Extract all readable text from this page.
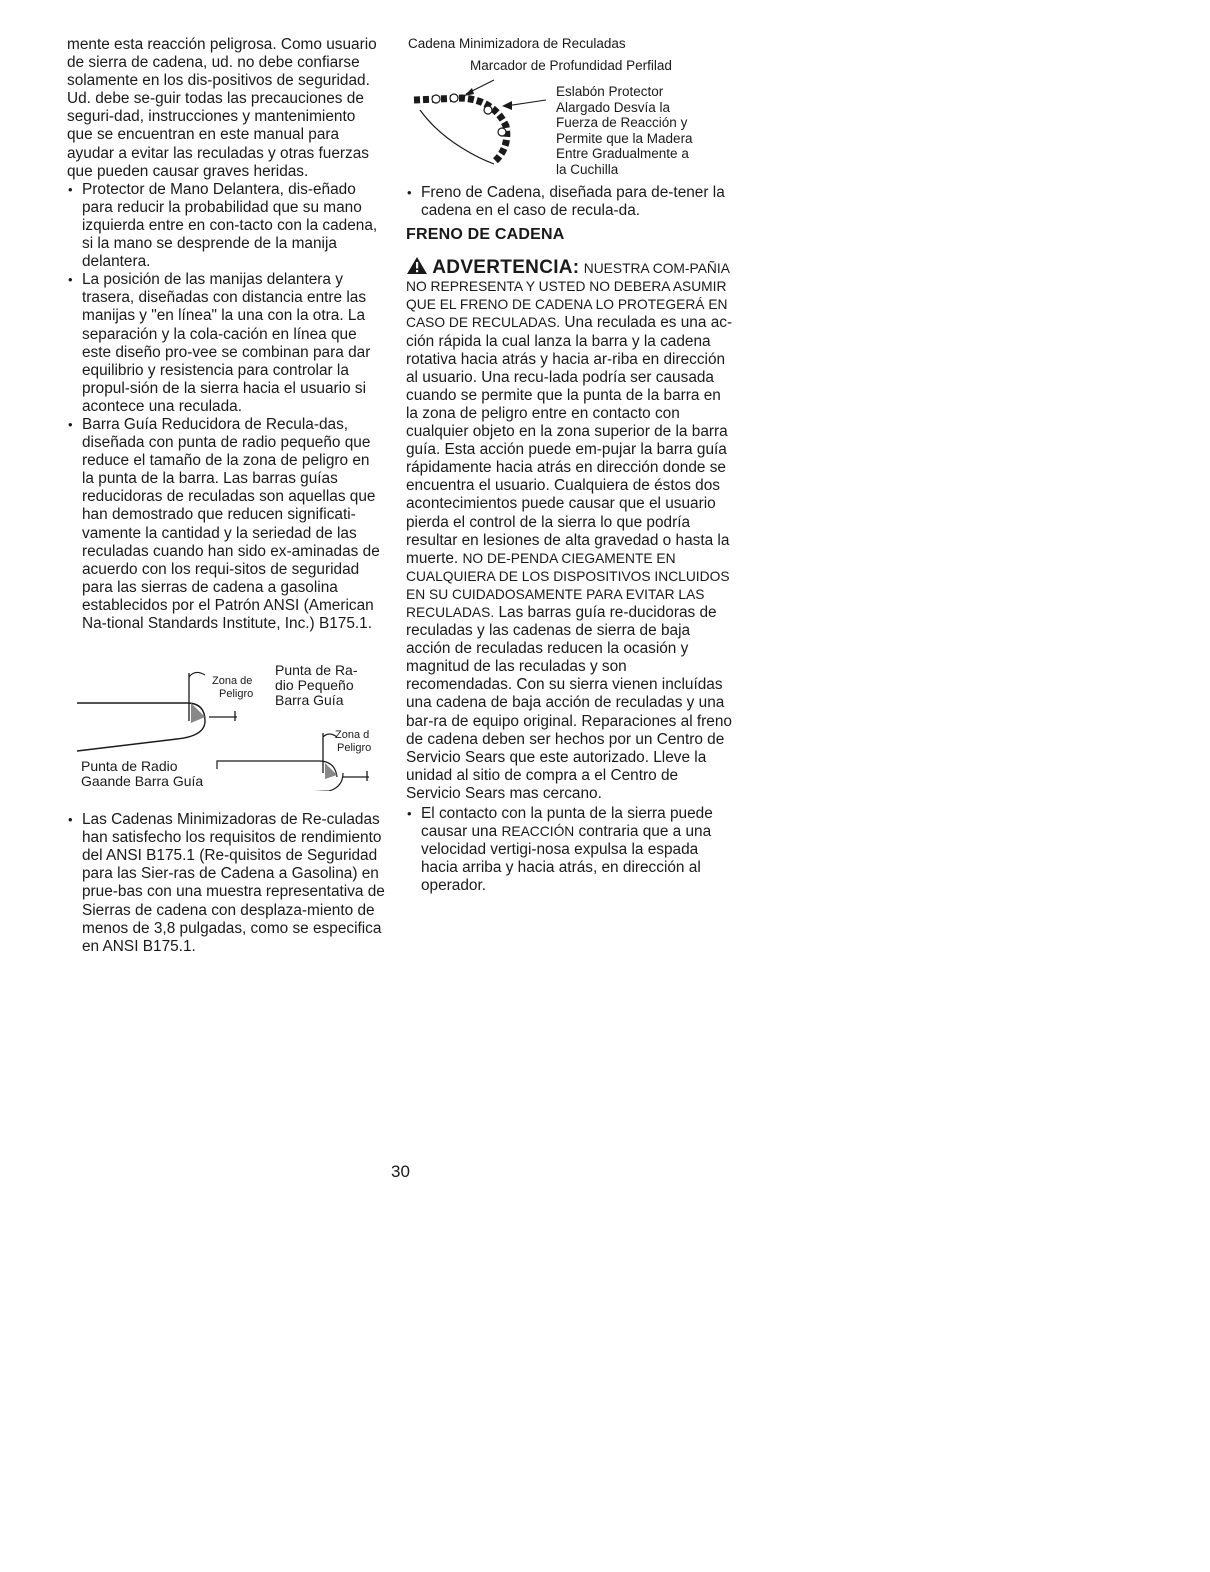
mente esta reacción peligrosa. Como usuario de sierra de cadena, ud. no debe confiarse solamente en los dis-positivos de seguridad. Ud. debe se-guir todas las precauciones de seguri-dad, instrucciones y mantenimiento que se encuentran en este manual para ayudar a evitar las reculadas y otras fuerzas que pueden causar graves heridas.

• Protector de Mano Delantera, dis-eñado para reducir la probabilidad que su mano izquierda entre en con-tacto con la cadena, si la mano se desprende de la manija delantera.
• La posición de las manijas delantera y trasera, diseñadas con distancia entre las manijas y "en línea" la una con la otra. La separación y la cola-cación en línea que este diseño pro-vee se combinan para dar equilibrio y resistencia para controlar la propul-sión de la sierra hacia el usuario si acontece una reculada.
• Barra Guía Reducidora de Recula-das, diseñada con punta de radio pequeño que reduce el tamaño de la zona de peligro en la punta de la barra. Las barras guías reducidoras de reculadas son aquellas que han demostrado que reducen significati-vamente la cantidad y la seriedad de las reculadas cuando han sido ex-aminadas de acuerdo con los requi-sitos de seguridad para las sierras de cadena a gasolina establecidos por el Patrón ANSI (American Na-tional Standards Institute, Inc.) B175.1.
Zona de
Peligro
Punta de Ra-
dio Pequeño
Barra Guía
Zona d
Peligro
Punta de Radio
Gaande Barra Guía
• Las Cadenas Minimizadoras de Re-culadas han satisfecho los requisitos de rendimiento del ANSI B175.1 (Re-quisitos de Seguridad para las Sier-ras de Cadena a Gasolina) en prue-bas con una muestra representativa de Sierras de cadena con desplaza-miento de menos de 3,8 pulgadas, como se especifica en ANSI B175.1.
Cadena Minimizadora de Reculadas
Marcador de Profundidad Perfilad
Eslabón Protector
Alargado Desvía la
Fuerza de Reacción y
Permite que la Madera
Entre Gradualmente a
la Cuchilla
• Freno de Cadena, diseñada para de-tener la cadena en el caso de recula-da.
FRENO DE CADENA

ADVERTENCIA: NUESTRA COM-PAÑIA NO REPRESENTA Y USTED NO DEBERA ASUMIR QUE EL FRENO DE CADENA LO PROTEGERÁ EN CASO DE RECULADAS. Una reculada es una ac-ción rápida la cual lanza la barra y la cadena rotativa hacia atrás y hacia ar-riba en dirección al usuario. Una recu-lada podría ser causada cuando se permite que la punta de la barra en la zona de peligro entre en contacto con cualquier objeto en la zona superior de la barra guía. Esta acción puede em-pujar la barra guía rápidamente hacia atrás en dirección donde se encuentra el usuario. Cualquiera de éstos dos acontecimientos puede causar que el usuario pierda el control de la sierra lo que podría resultar en lesiones de alta gravedad o hasta la muerte. NO DE-PENDA CIEGAMENTE EN CUALQUIERA DE LOS DISPOSITIVOS INCLUIDOS EN SU CUIDADOSAMENTE PARA EVITAR LAS RECULADAS. Las barras guía re-ducidoras de reculadas y las cadenas de sierra de baja acción de reculadas reducen la ocasión y magnitud de las reculadas y son recomendadas. Con su sierra vienen incluídas una cadena de baja acción de reculadas y una bar-ra de equipo original. Reparaciones al freno de cadena deben ser hechos por un Centro de Servicio Sears que este autorizado. Lleve la unidad al sitio de compra a el Centro de Servicio Sears mas cercano.

• El contacto con la punta de la sierra puede causar una REACCIÓN contraria que a una velocidad vertigi-nosa expulsa la espada hacia arriba y hacia atrás, en dirección al operador.
30
